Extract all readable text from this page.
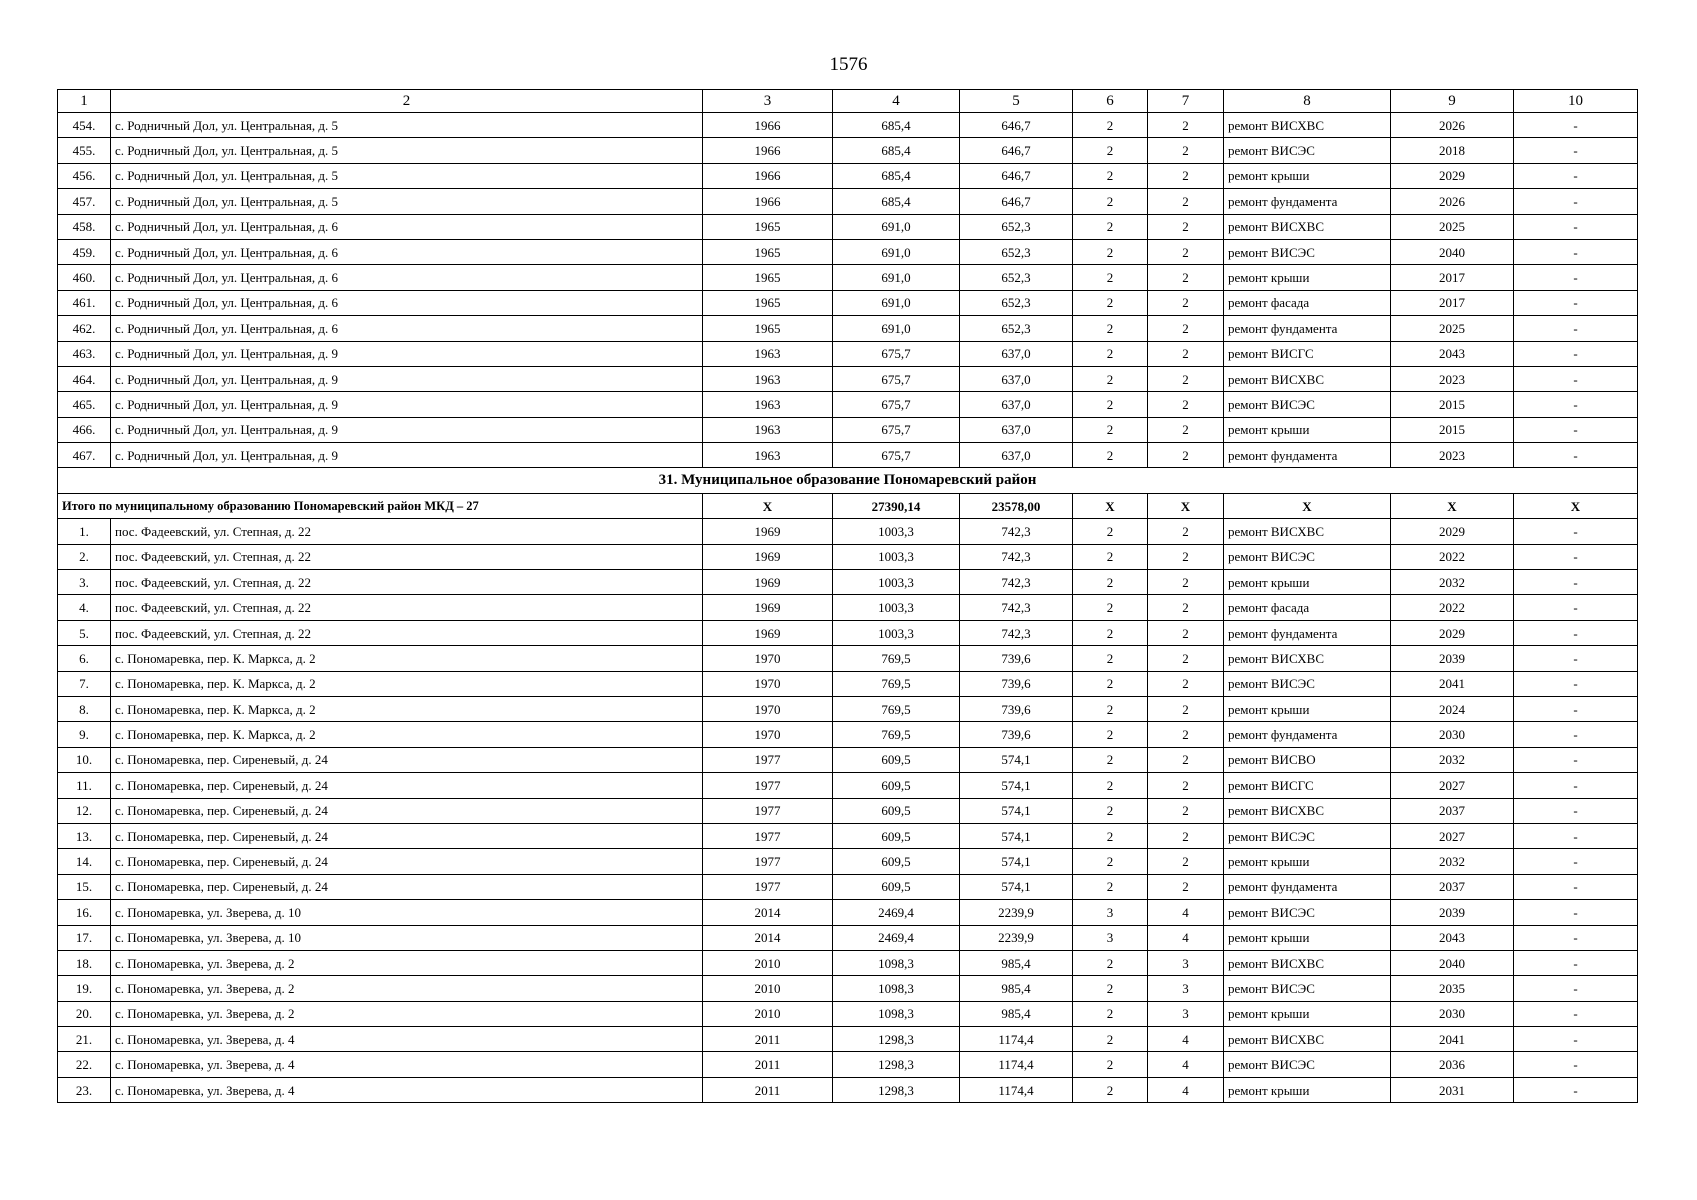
1576
1	2	3	4	5	6	7	8	9	10
454.	с. Родничный Дол, ул. Центральная, д. 5	1966	685,4	646,7	2	2	ремонт ВИСХВС	2026	-
455.	с. Родничный Дол, ул. Центральная, д. 5	1966	685,4	646,7	2	2	ремонт ВИСЭС	2018	-
456.	с. Родничный Дол, ул. Центральная, д. 5	1966	685,4	646,7	2	2	ремонт крыши	2029	-
457.	с. Родничный Дол, ул. Центральная, д. 5	1966	685,4	646,7	2	2	ремонт фундамента	2026	-
458.	с. Родничный Дол, ул. Центральная, д. 6	1965	691,0	652,3	2	2	ремонт ВИСХВС	2025	-
459.	с. Родничный Дол, ул. Центральная, д. 6	1965	691,0	652,3	2	2	ремонт ВИСЭС	2040	-
460.	с. Родничный Дол, ул. Центральная, д. 6	1965	691,0	652,3	2	2	ремонт крыши	2017	-
461.	с. Родничный Дол, ул. Центральная, д. 6	1965	691,0	652,3	2	2	ремонт фасада	2017	-
462.	с. Родничный Дол, ул. Центральная, д. 6	1965	691,0	652,3	2	2	ремонт фундамента	2025	-
463.	с. Родничный Дол, ул. Центральная, д. 9	1963	675,7	637,0	2	2	ремонт ВИСГС	2043	-
464.	с. Родничный Дол, ул. Центральная, д. 9	1963	675,7	637,0	2	2	ремонт ВИСХВС	2023	-
465.	с. Родничный Дол, ул. Центральная, д. 9	1963	675,7	637,0	2	2	ремонт ВИСЭС	2015	-
466.	с. Родничный Дол, ул. Центральная, д. 9	1963	675,7	637,0	2	2	ремонт крыши	2015	-
467.	с. Родничный Дол, ул. Центральная, д. 9	1963	675,7	637,0	2	2	ремонт фундамента	2023	-
31. Муниципальное образование Пономаревский район									
Итого по муниципальному образованию Пономаревский район МКД – 27		Х	27390,14	23578,00	Х	Х	Х	Х	Х
1.	пос. Фадеевский, ул. Степная, д. 22	1969	1003,3	742,3	2	2	ремонт ВИСХВС	2029	-
2.	пос. Фадеевский, ул. Степная, д. 22	1969	1003,3	742,3	2	2	ремонт ВИСЭС	2022	-
3.	пос. Фадеевский, ул. Степная, д. 22	1969	1003,3	742,3	2	2	ремонт крыши	2032	-
4.	пос. Фадеевский, ул. Степная, д. 22	1969	1003,3	742,3	2	2	ремонт фасада	2022	-
5.	пос. Фадеевский, ул. Степная, д. 22	1969	1003,3	742,3	2	2	ремонт фундамента	2029	-
6.	с. Пономаревка, пер. К. Маркса, д. 2	1970	769,5	739,6	2	2	ремонт ВИСХВС	2039	-
7.	с. Пономаревка, пер. К. Маркса, д. 2	1970	769,5	739,6	2	2	ремонт ВИСЭС	2041	-
8.	с. Пономаревка, пер. К. Маркса, д. 2	1970	769,5	739,6	2	2	ремонт крыши	2024	-
9.	с. Пономаревка, пер. К. Маркса, д. 2	1970	769,5	739,6	2	2	ремонт фундамента	2030	-
10.	с. Пономаревка, пер. Сиреневый, д. 24	1977	609,5	574,1	2	2	ремонт ВИСВО	2032	-
11.	с. Пономаревка, пер. Сиреневый, д. 24	1977	609,5	574,1	2	2	ремонт ВИСГС	2027	-
12.	с. Пономаревка, пер. Сиреневый, д. 24	1977	609,5	574,1	2	2	ремонт ВИСХВС	2037	-
13.	с. Пономаревка, пер. Сиреневый, д. 24	1977	609,5	574,1	2	2	ремонт ВИСЭС	2027	-
14.	с. Пономаревка, пер. Сиреневый, д. 24	1977	609,5	574,1	2	2	ремонт крыши	2032	-
15.	с. Пономаревка, пер. Сиреневый, д. 24	1977	609,5	574,1	2	2	ремонт фундамента	2037	-
16.	с. Пономаревка, ул. Зверева, д. 10	2014	2469,4	2239,9	3	4	ремонт ВИСЭС	2039	-
17.	с. Пономаревка, ул. Зверева, д. 10	2014	2469,4	2239,9	3	4	ремонт крыши	2043	-
18.	с. Пономаревка, ул. Зверева, д. 2	2010	1098,3	985,4	2	3	ремонт ВИСХВС	2040	-
19.	с. Пономаревка, ул. Зверева, д. 2	2010	1098,3	985,4	2	3	ремонт ВИСЭС	2035	-
20.	с. Пономаревка, ул. Зверева, д. 2	2010	1098,3	985,4	2	3	ремонт крыши	2030	-
21.	с. Пономаревка, ул. Зверева, д. 4	2011	1298,3	1174,4	2	4	ремонт ВИСХВС	2041	-
22.	с. Пономаревка, ул. Зверева, д. 4	2011	1298,3	1174,4	2	4	ремонт ВИСЭС	2036	-
23.	с. Пономаревка, ул. Зверева, д. 4	2011	1298,3	1174,4	2	4	ремонт крыши	2031	-
